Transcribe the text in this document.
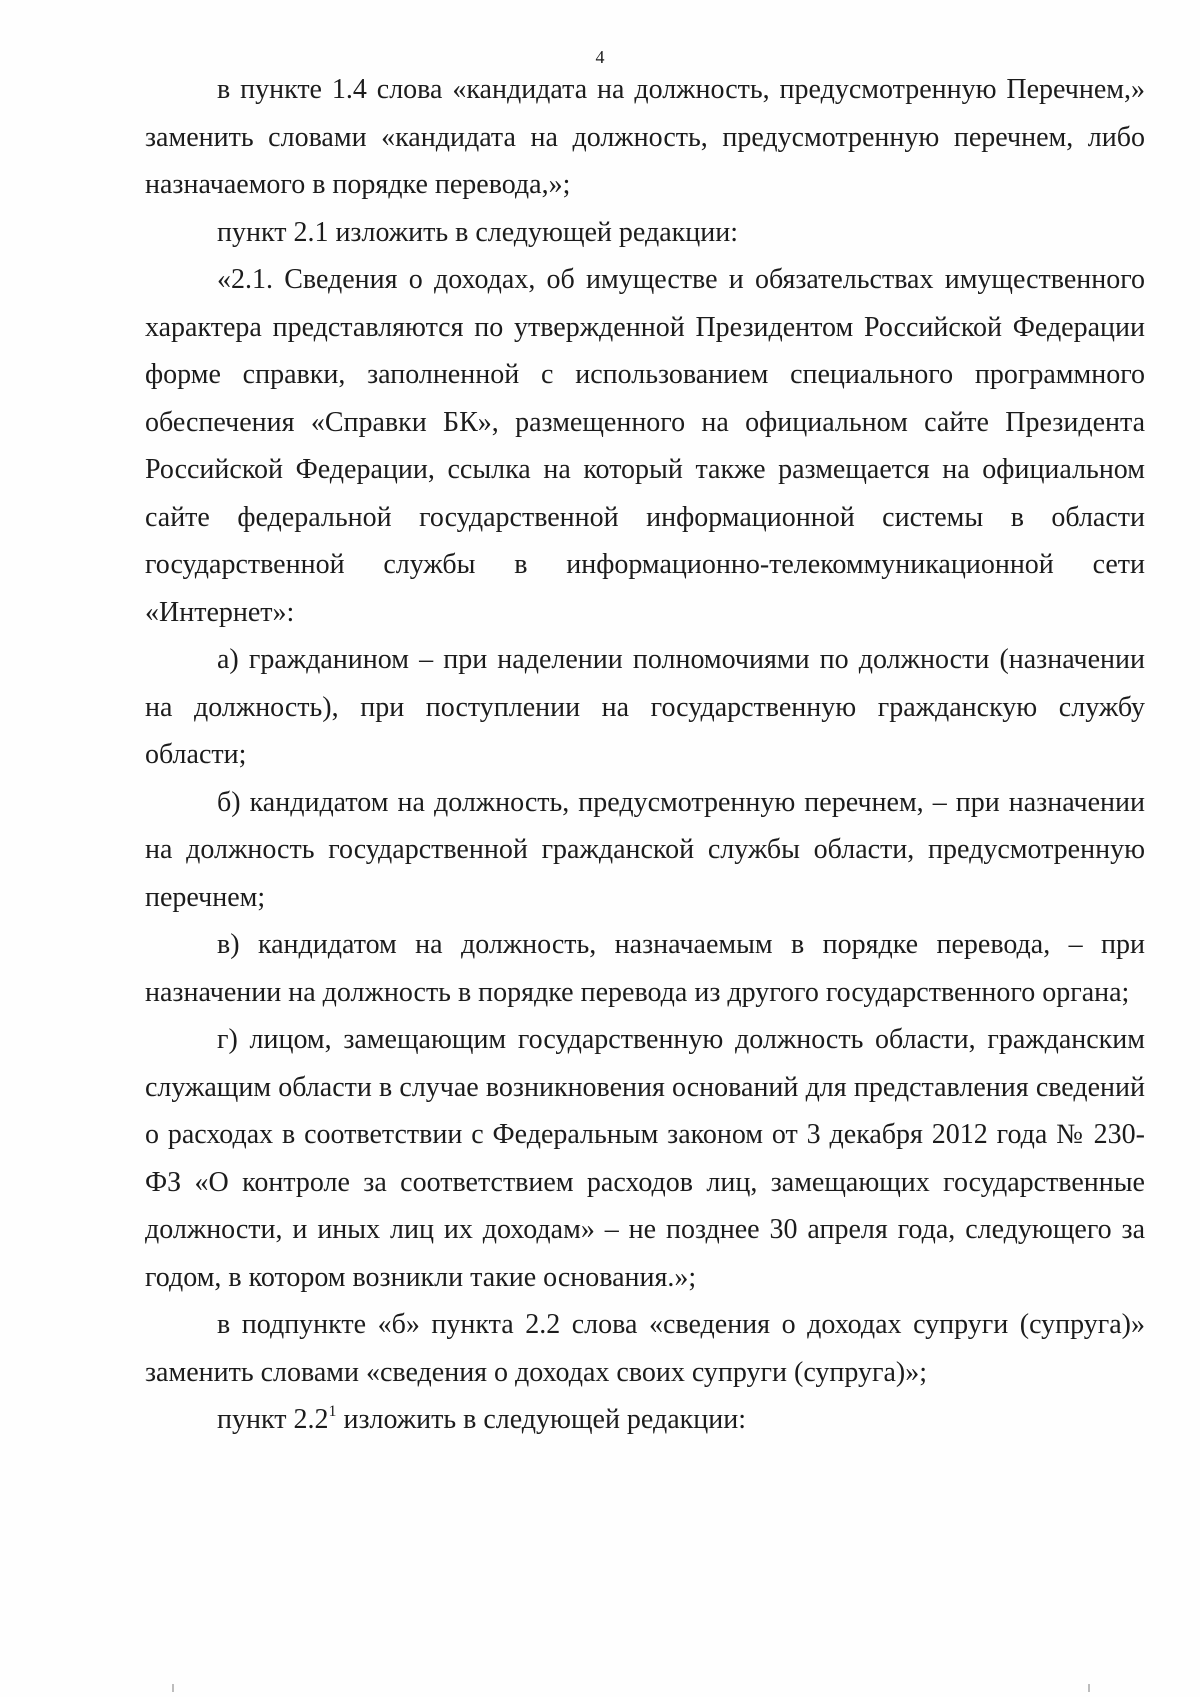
4

в пункте 1.4 слова «кандидата на должность, предусмотренную Перечнем,» заменить словами «кандидата на должность, предусмотренную перечнем, либо назначаемого в порядке перевода,»;

пункт 2.1 изложить в следующей редакции:

«2.1. Сведения о доходах, об имуществе и обязательствах имущественного характера представляются по утвержденной Президентом Российской Федерации форме справки, заполненной с использованием специального программного обеспечения «Справки БК», размещенного на официальном сайте Президента Российской Федерации, ссылка на который также размещается на официальном сайте федеральной государственной информационной системы в области государственной службы в информационно-телекоммуникационной сети «Интернет»:

а) гражданином – при наделении полномочиями по должности (назначении на должность), при поступлении на государственную гражданскую службу области;

б) кандидатом на должность, предусмотренную перечнем, – при назначении на должность государственной гражданской службы области, предусмотренную перечнем;

в) кандидатом на должность, назначаемым в порядке перевода, – при назначении на должность в порядке перевода из другого государственного органа;

г) лицом, замещающим государственную должность области, гражданским служащим области в случае возникновения оснований для представления сведений о расходах в соответствии с Федеральным законом от 3 декабря 2012 года № 230-ФЗ «О контроле за соответствием расходов лиц, замещающих государственные должности, и иных лиц их доходам» – не позднее 30 апреля года, следующего за годом, в котором возникли такие основания.»;

в подпункте «б» пункта 2.2 слова «сведения о доходах супруги (супруга)» заменить словами «сведения о доходах своих супруги (супруга)»;

пункт $2.2^1$ изложить в следующей редакции:
